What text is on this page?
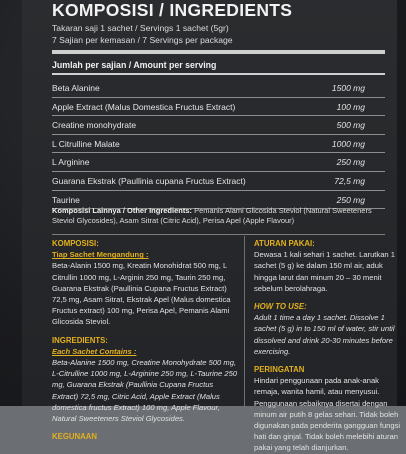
KOMPOSISI / INGREDIENTS
Takaran saji 1 sachet / Servings 1 sachet (5gr)
7 Sajian per kemasan / 7 Servings per package
Jumlah per sajian / Amount per serving
Beta Alanine	1500 mg
Apple Extract (Malus Domestica Fructus Extract)	100 mg
Creatine monohydrate	500 mg
L Citrulline Malate	1000 mg
L Arginine	250 mg
Guarana Ekstrak (Paullinia cupana Fructus Extract)	72,5 mg
Taurine	250 mg
Komposisi Lainnya / Other Ingredients: Pemanis Alami Glicosida Steviol (Natural Sweeteners Steviol Glycosides), Asam Sitrat (Citric Acid), Perisa Apel (Apple Flavour)
KOMPOSISI:
Tiap Sachet Mengandung :

Beta-Alanin 1500 mg, Kreatin Monohidrat 500 mg, L Citrullin 1000 mg, L-Arginin 250 mg, Taurin 250 mg, Guarana Ekstrak (Paullinia Cupana Fructus Extract) 72,5 mg, Asam Sitrat, Ekstrak Apel (Malus domestica Fructus extract) 100 mg, Perisa Apel, Pemanis Alami Glicosida Steviol.

INGREDIENTS:
Each Sachet Contains :

Beta-Alanine 1500 mg, Creatine Monohydrate 500 mg, L-Citrulline 1000 mg, L-Arginine 250 mg, L-Taurine 250 mg, Guarana Ekstrak (Paullinia Cupana Fructus Extract) 72,5 mg, Citric Acid, Apple Extract (Malus domestica fructus Extract) 100 mg, Apple Flavour, Natural Sweeteners Steviol Glycosides.

KEGUNAAN
ATURAN PAKAI:

Dewasa 1 kali sehari 1 sachet. Larutkan 1 sachet (5 g) ke dalam 150 ml air, aduk hingga larut dan minum 20 – 30 menit sebelum berolahraga.

HOW TO USE:

Adult 1 time a day 1 sachet. Dissolve 1 sachet (5 g) in to 150 ml of water, stir until dissolved and drink 20-30 minutes before exercising.

PERINGATAN

Hindari penggunaan pada anak-anak remaja, wanita hamil, atau menyusui. Penggunaan sebaiknya disertai dengan minum air putih 8 gelas sehari. Tidak boleh digunakan pada penderita gangguan fungsi hati dan ginjal. Tidak boleh melebihi aturan pakai yang telah dianjurkan.
